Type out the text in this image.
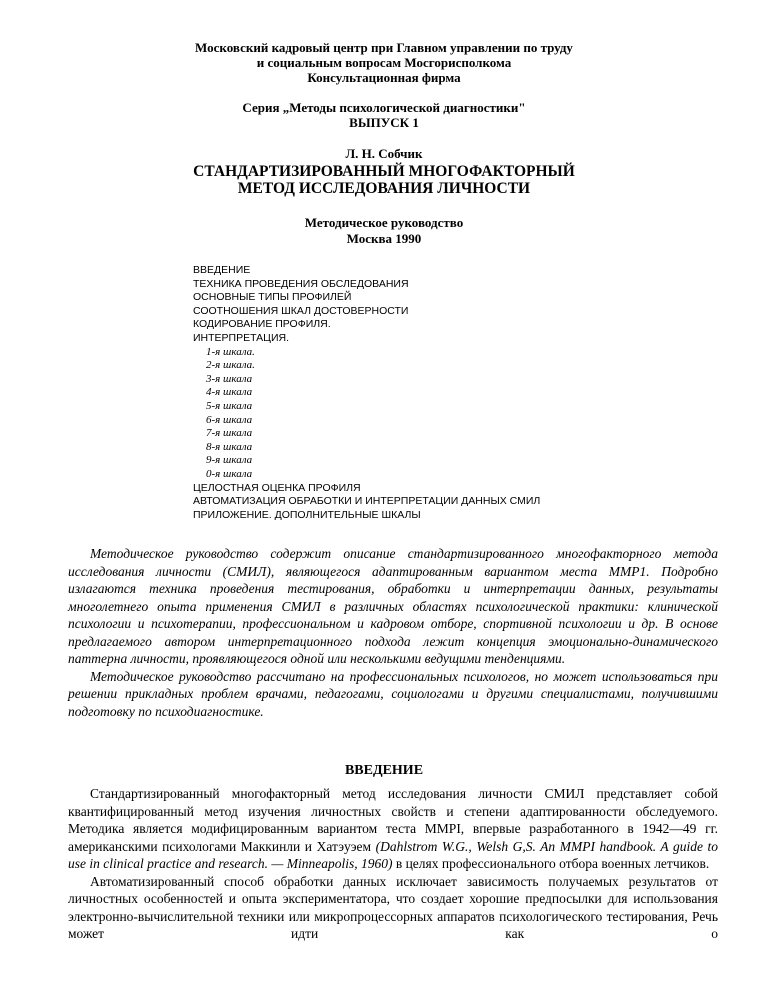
Московский кадровый центр при Главном управлении по труду
и социальным вопросам Мосгорисполкома
Консультационная фирма
Серия „Методы психологической диагностики"
ВЫПУСК 1
Л. Н. Собчик
СТАНДАРТИЗИРОВАННЫЙ МНОГОФАКТОРНЫЙ
МЕТОД ИССЛЕДОВАНИЯ ЛИЧНОСТИ
Методическое руководство
Москва 1990
ВВЕДЕНИЕ
ТЕХНИКА ПРОВЕДЕНИЯ ОБСЛЕДОВАНИЯ
ОСНОВНЫЕ ТИПЫ ПРОФИЛЕЙ
СООТНОШЕНИЯ ШКАЛ ДОСТОВЕРНОСТИ
КОДИРОВАНИЕ ПРОФИЛЯ.
ИНТЕРПРЕТАЦИЯ.
1-я шкала.
2-я шкала.
3-я шкала
4-я шкала
5-я шкала
6-я шкала
7-я шкала
8-я шкала
9-я шкала
0-я шкала
ЦЕЛОСТНАЯ ОЦЕНКА ПРОФИЛЯ
АВТОМАТИЗАЦИЯ ОБРАБОТКИ И ИНТЕРПРЕТАЦИИ ДАННЫХ СМИЛ
ПРИЛОЖЕНИЕ. ДОПОЛНИТЕЛЬНЫЕ ШКАЛЫ

Методическое руководство содержит описание стандартизированного многофакторного метода исследования личности (СМИЛ), являющегося адаптированным вариантом места ММР1. Подробно излагаются техника проведения тестирования, обработки и интерпретации данных, результаты многолетнего опыта применения СМИЛ в различных областях психологической практики: клинической психологии и психотерапии, профессиональном и кадровом отборе, спортивной психологии и др. В основе предлагаемого автором интерпретационного подхода лежит концепция эмоционально-динамического паттерна личности, проявляющегося одной или несколькими ведущими тенденциями.

Методическое руководство рассчитано на профессиональных психологов, но может использоваться при решении прикладных проблем врачами, педагогами, социологами и другими специалистами, получившими подготовку по психодиагностике.

ВВЕДЕНИЕ

Стандартизированный многофакторный метод исследования личности СМИЛ представляет собой квантифицированный метод изучения личностных свойств и степени адаптированности обследуемого. Методика является модифицированным вариантом теста MMPI, впервые разработанного в 1942—49 гг. американскими психологами Маккинли и Хатэуэем (Dahlstrom W.G., Welsh G,S. An MMPI handbook. A guide to use in clinical practice and research. — Minneapolis, 1960) в целях профессионального отбора военных летчиков.

Автоматизированный способ обработки данных исключает зависимость получаемых результатов от личностных особенностей и опыта экспериментатора, что создает хорошие предпосылки для использования электронно-вычислительной техники или микропроцессорных аппаратов психологического тестирования, Речь может идти как о
